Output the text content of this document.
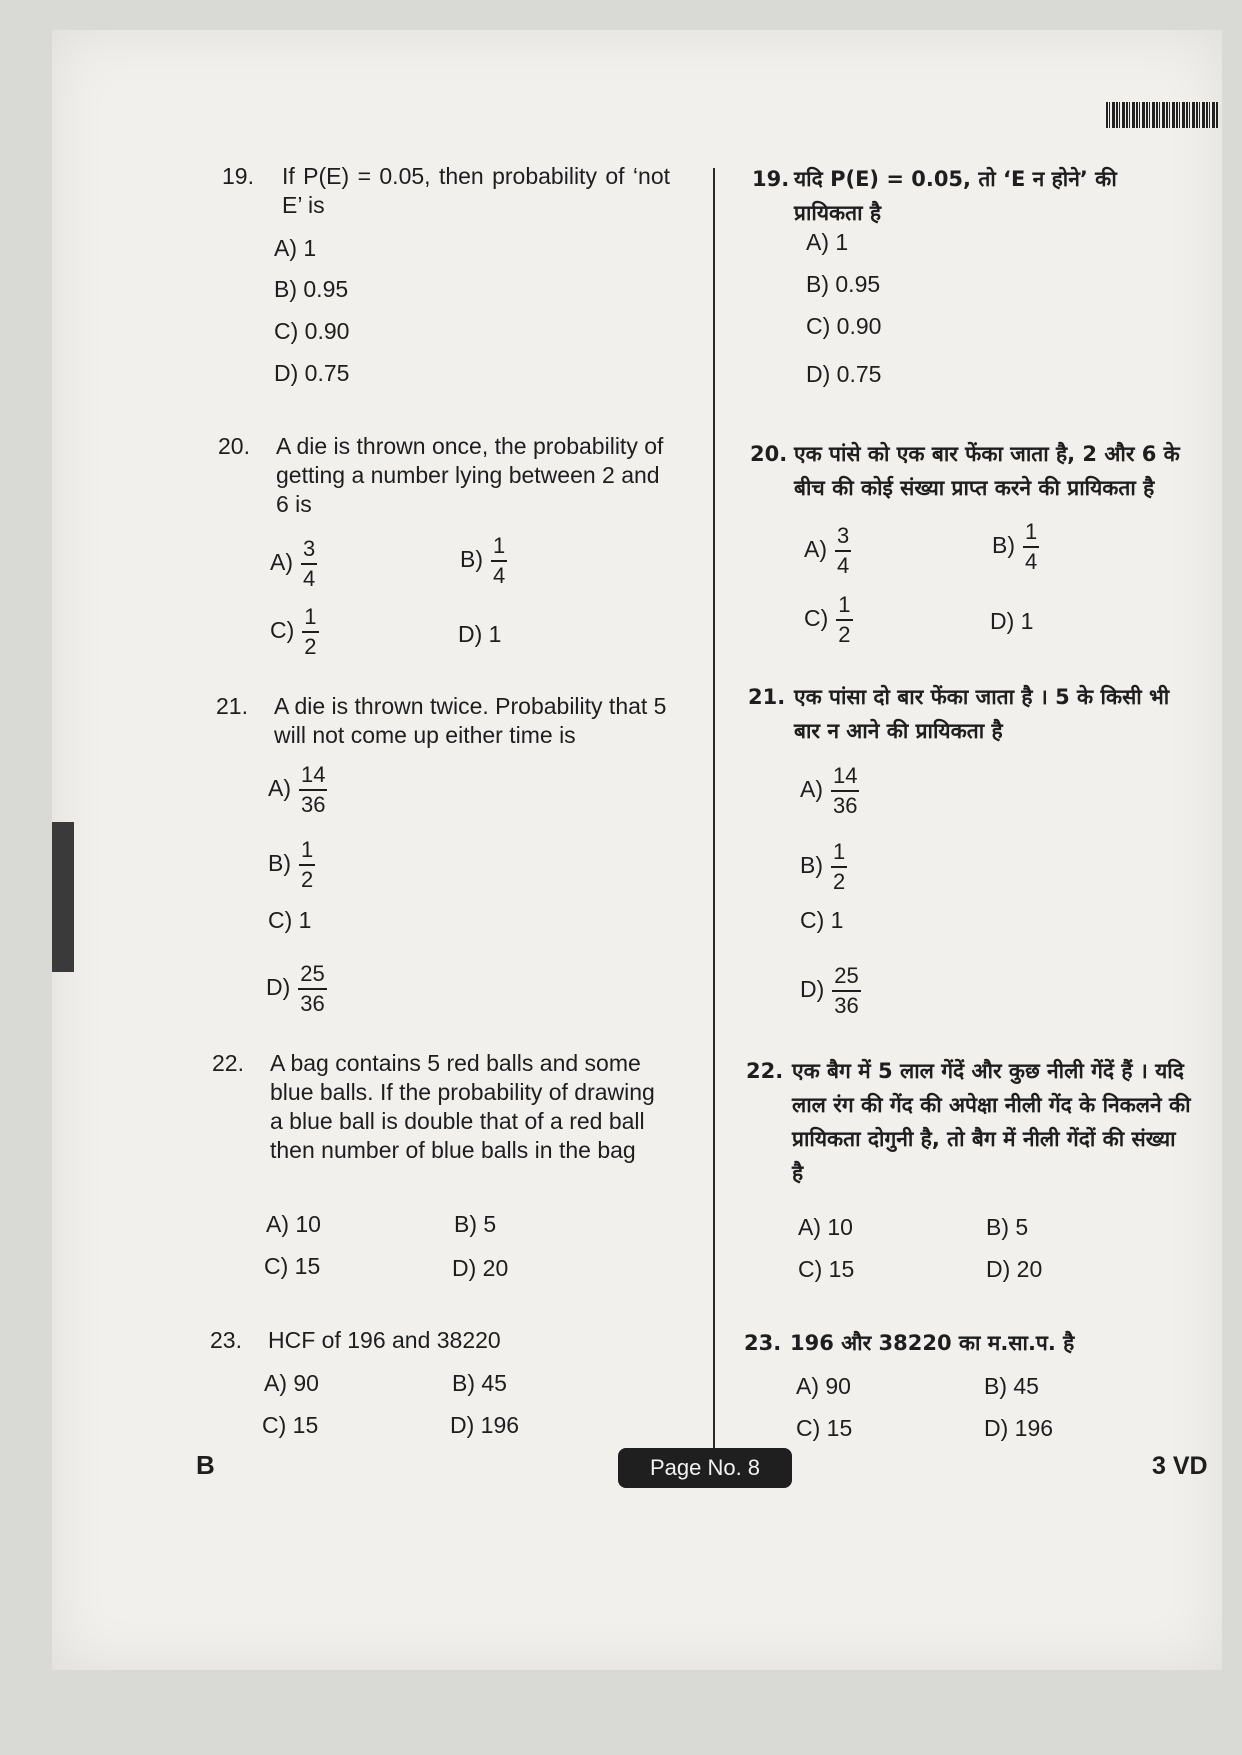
19. If P(E) = 0.05, then probability of ‘not E’ is
A) 1
B) 0.95
C) 0.90
D) 0.75
20. A die is thrown once, the probability of getting a number lying between 2 and 6 is
$A) \frac{3}{4}$	$B) \frac{1}{4}$
$C) \frac{1}{2}$	D) 1
21. A die is thrown twice. Probability that 5 will not come up either time is
$A) \frac{14}{36}$
$B) \frac{1}{2}$
C) 1
$D) \frac{25}{36}$
22. A bag contains 5 red balls and some blue balls. If the probability of drawing a blue ball is double that of a red ball then number of blue balls in the bag
A) 10	B) 5
C) 15	D) 20
23. HCF of 196 and 38220
A) 90	B) 45
C) 15	D) 196
19. यदि P(E) = 0.05, तो ‘E न होने’ की प्रायिकता है
A) 1
B) 0.95
C) 0.90
D) 0.75
20. एक पांसे को एक बार फेंका जाता है, 2 और 6 के बीच की कोई संख्या प्राप्त करने की प्रायिकता है
$A) \frac{3}{4}$	$B) \frac{1}{4}$
$C) \frac{1}{2}$	D) 1
21. एक पांसा दो बार फेंका जाता है । 5 के किसी भी बार न आने की प्रायिकता है
$A) \frac{14}{36}$
$B) \frac{1}{2}$
C) 1
$D) \frac{25}{36}$
22. एक बैग में 5 लाल गेंदें और कुछ नीली गेंदें हैं । यदि लाल रंग की गेंद की अपेक्षा नीली गेंद के निकलने की प्रायिकता दोगुनी है, तो बैग में नीली गेंदों की संख्या है
A) 10	B) 5
C) 15	D) 20
23. 196 और 38220 का म.सा.प. है
A) 90	B) 45
C) 15	D) 196
B	Page No. 8	3 VD
